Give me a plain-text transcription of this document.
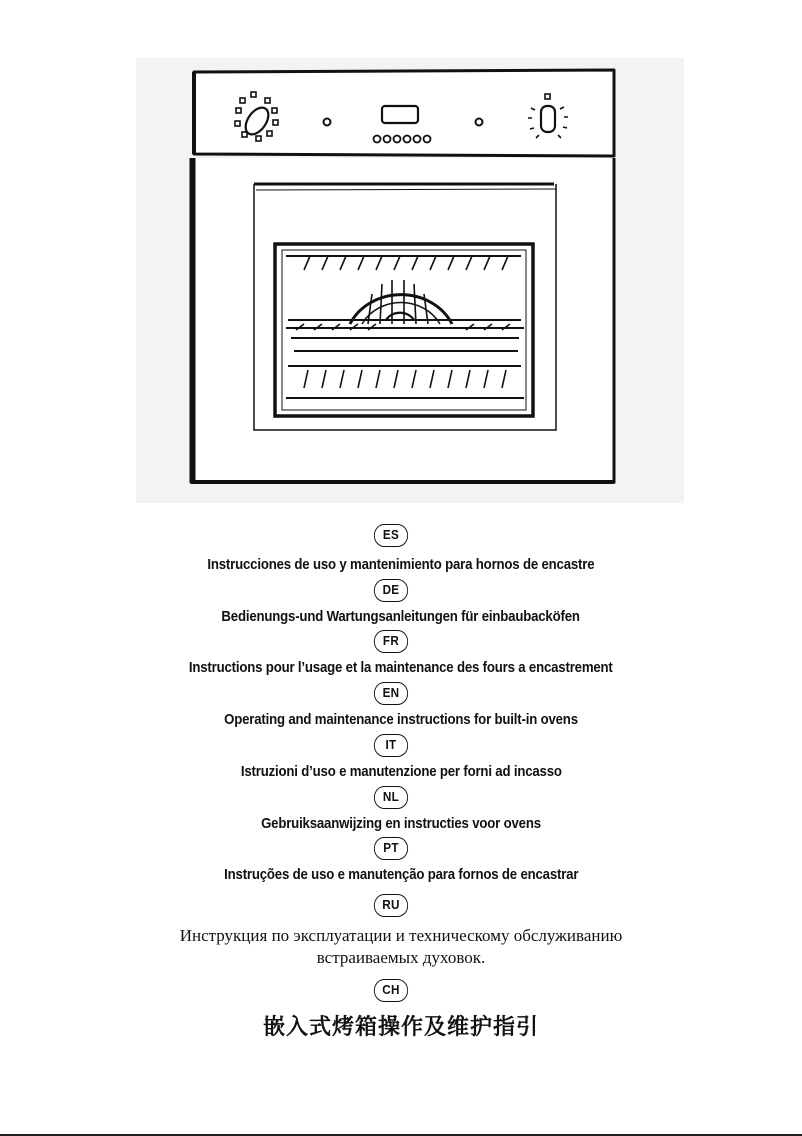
ES
Instrucciones de uso y mantenimiento para hornos de encastre
DE
Bedienungs-und Wartungsanleitungen für einbaubacköfen
FR
Instructions pour l’usage et la maintenance des fours a encastrement
EN
Operating and maintenance instructions for built-in ovens
IT
Istruzioni d’uso e manutenzione per forni ad incasso
NL
Gebruiksaanwijzing en instructies voor ovens
PT
Instruções de uso e manutenção para fornos de encastrar
RU
Инструкция по эксплуатации и техническому обслуживанию
встраиваемых духовок.
CH
嵌入式烤箱操作及维护指引
